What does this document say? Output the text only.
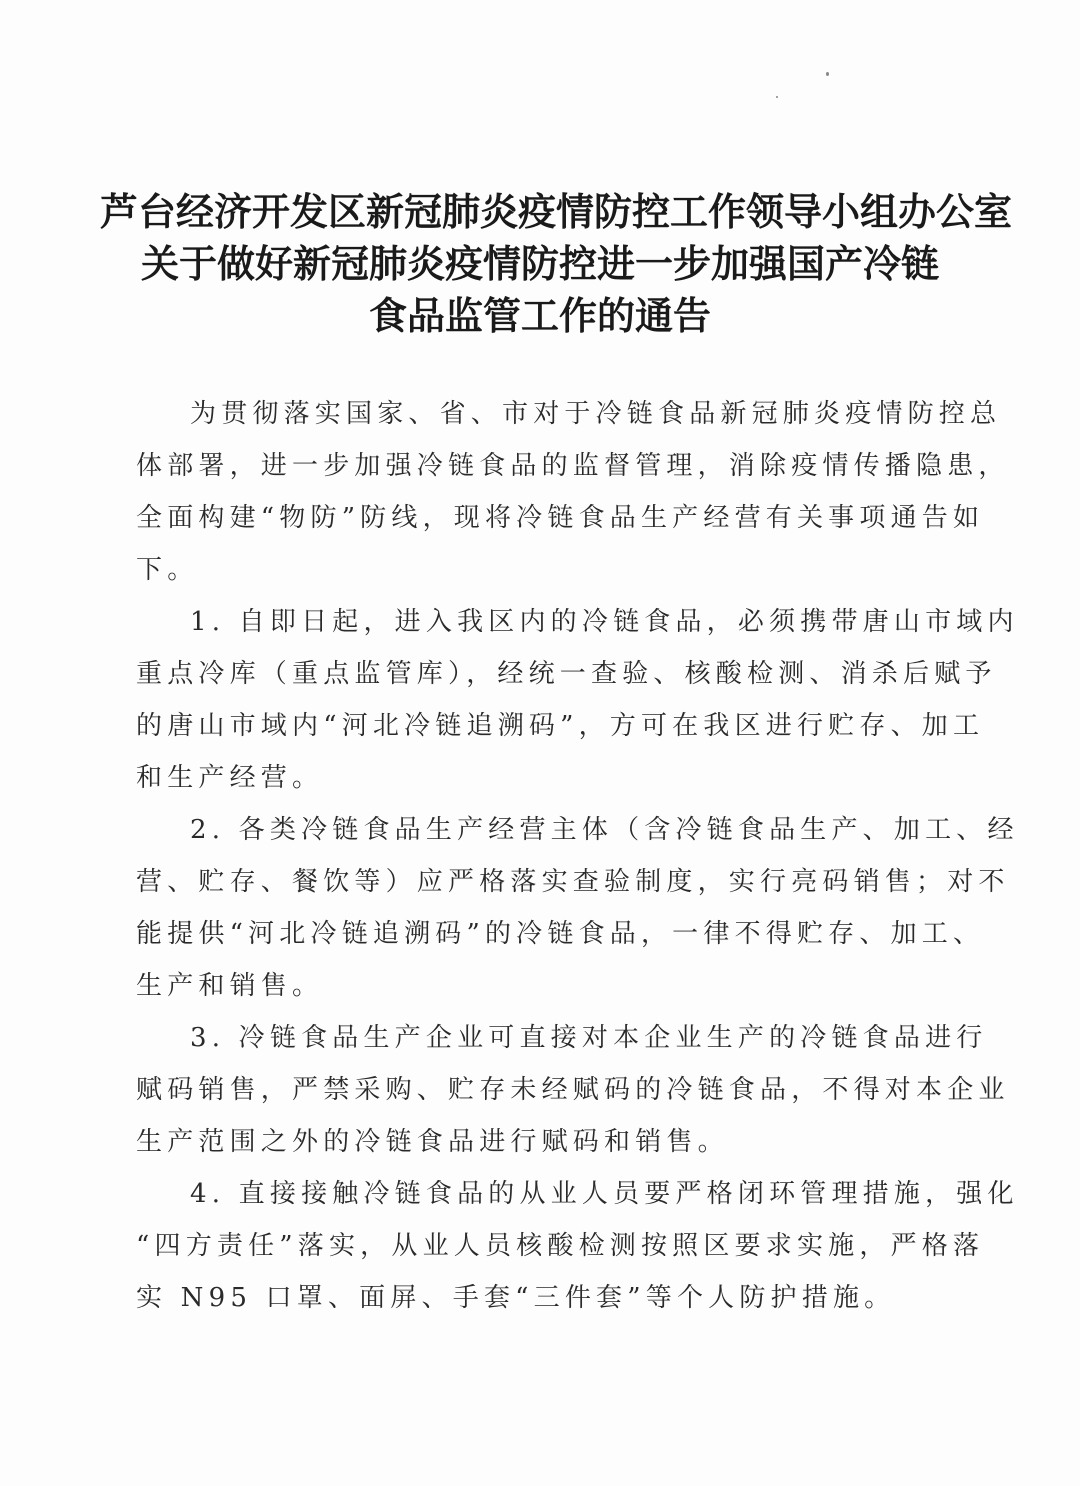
芦台经济开发区新冠肺炎疫情防控工作领导小组办公室
关于做好新冠肺炎疫情防控进一步加强国产冷链
食品监管工作的通告
为贯彻落实国家、省、市对于冷链食品新冠肺炎疫情防控总
体部署，进一步加强冷链食品的监督管理，消除疫情传播隐患，
全面构建“物防”防线，现将冷链食品生产经营有关事项通告如
下。
1. 自即日起，进入我区内的冷链食品，必须携带唐山市域内
重点冷库（重点监管库），经统一查验、核酸检测、消杀后赋予
的唐山市域内“河北冷链追溯码”，方可在我区进行贮存、加工
和生产经营。
2. 各类冷链食品生产经营主体（含冷链食品生产、加工、经
营、贮存、餐饮等）应严格落实查验制度，实行亮码销售；对不
能提供“河北冷链追溯码”的冷链食品，一律不得贮存、加工、
生产和销售。
3. 冷链食品生产企业可直接对本企业生产的冷链食品进行
赋码销售，严禁采购、贮存未经赋码的冷链食品，不得对本企业
生产范围之外的冷链食品进行赋码和销售。
4. 直接接触冷链食品的从业人员要严格闭环管理措施，强化
“四方责任”落实，从业人员核酸检测按照区要求实施，严格落
实 N95 口罩、面屏、手套“三件套”等个人防护措施。
